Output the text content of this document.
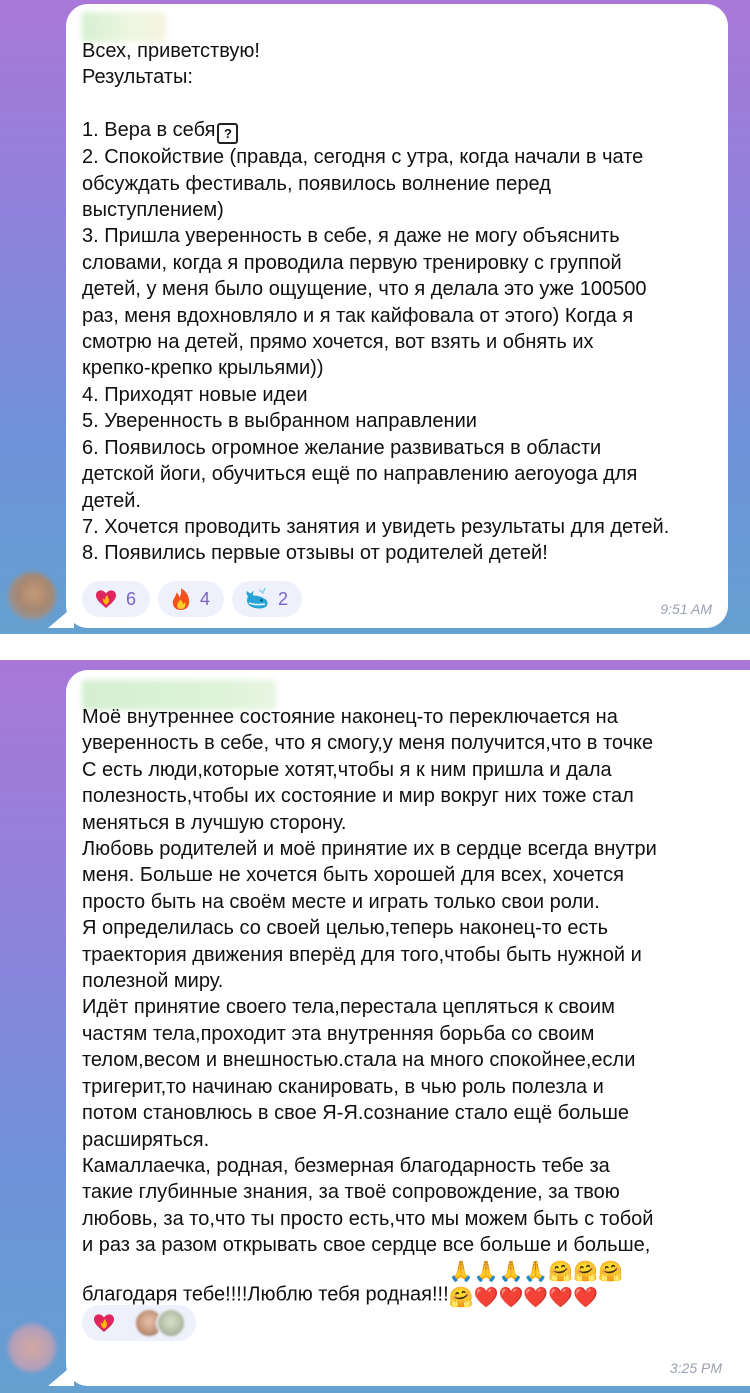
Всех, приветствую!
Результаты:

1. Вера в себя ?
2. Спокойствие (правда, сегодня с утра, когда начали в чате
обсуждать фестиваль, появилось волнение перед
выступлением)
3. Пришла уверенность в себе, я даже не могу объяснить
словами, когда я проводила первую тренировку с группой
детей, у меня было ощущение, что я делала это уже 100500
раз, меня вдохновляло и я так кайфовала от этого) Когда я
смотрю на детей, прямо хочется, вот взять и обнять их
крепко-крепко крыльями))
4. Приходят новые идеи
5. Уверенность в выбранном направлении
6. Появилось огромное желание развиваться в области
детской йоги, обучиться ещё по направлению aeroyoga для
детей.
7. Хочется проводить занятия и увидеть результаты для детей.
8. Появились первые отзывы от родителей детей!

6	4	2
9:51 AM

Моё внутреннее состояние наконец-то переключается на
уверенность в себе, что я смогу,у меня получится,что в точке
С есть люди,которые хотят,чтобы я к ним пришла и дала
полезность,чтобы их состояние и мир вокруг них тоже стал
меняться в лучшую сторону.
Любовь родителей и моё принятие их в сердце всегда внутри
меня. Больше не хочется быть хорошей для всех, хочется
просто быть на своём месте и играть только свои роли.
Я определилась со своей целью,теперь наконец-то есть
траектория движения вперёд для того,чтобы быть нужной и
полезной миру.
Идёт принятие своего тела,перестала цепляться к своим
частям тела,проходит эта внутренняя борьба со своим
телом,весом и внешностью.стала на много спокойнее,если
тригерит,то начинаю сканировать, в чью роль полезла и
потом становлюсь в свое Я-Я.сознание стало ещё больше
расширяться.
Камаллаечка, родная, безмерная благодарность тебе за
такие глубинные знания, за твоё сопровождение, за твою
любовь, за то,что ты просто есть,что мы можем быть с тобой
и раз за разом открывать свое сердце все больше и больше,
благодаря тебе!!!!Люблю тебя родная!!!🙏🙏🙏🙏🤗🤗🤗
🤗❤️❤️❤️❤️❤️

3:25 PM
